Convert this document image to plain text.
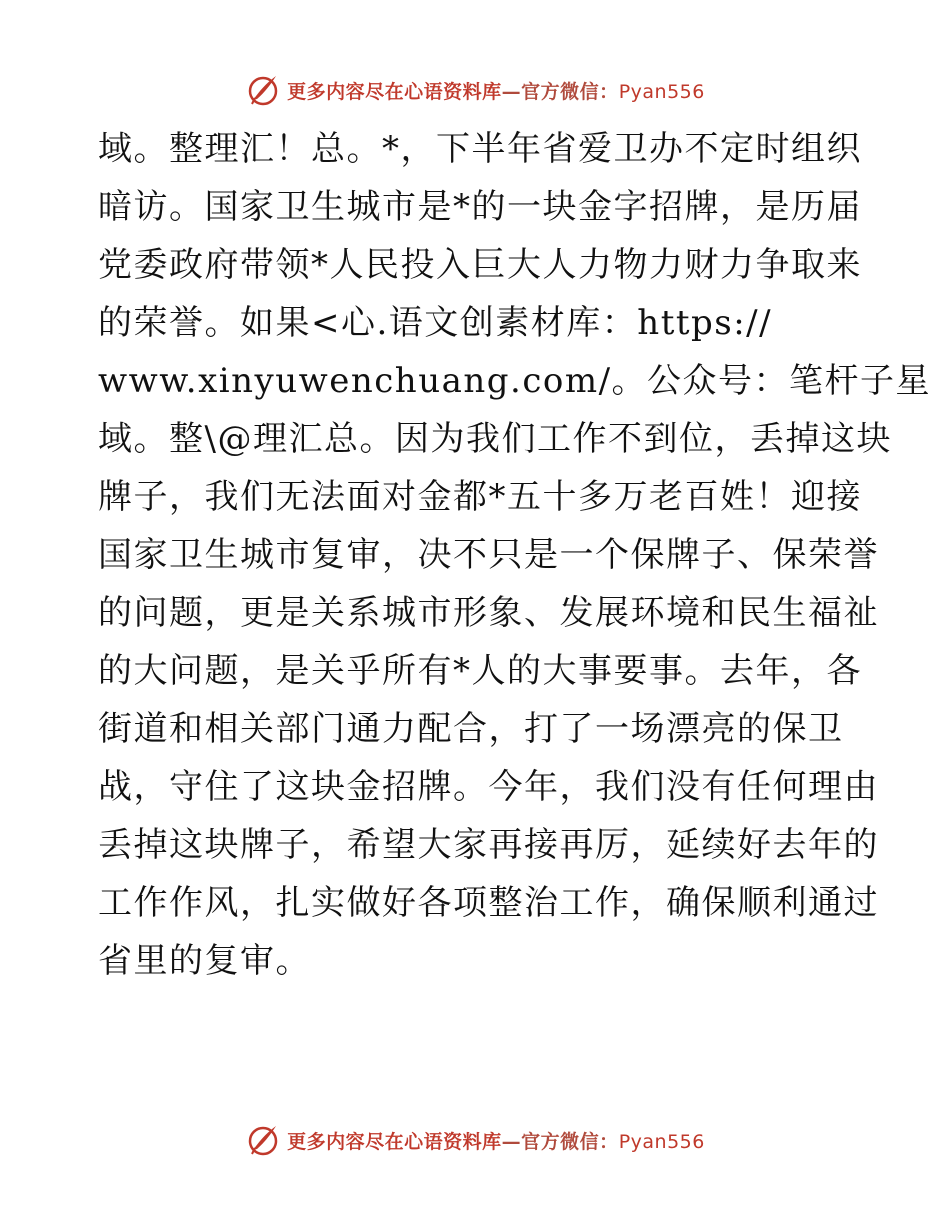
更多内容尽在心语资料库—官方微信：Pyan556
域。整理汇！总。*，下半年省爱卫办不定时组织
暗访。国家卫生城市是*的一块金字招牌，是历届
党委政府带领*人民投入巨大人力物力财力争取来
的荣誉。如果<心.语文创素材库：https://
www.xinyuwenchuang.com/。公众号：笔杆子星
域。整\@理汇总。因为我们工作不到位，丢掉这块
牌子，我们无法面对金都*五十多万老百姓！迎接
国家卫生城市复审，决不只是一个保牌子、保荣誉
的问题，更是关系城市形象、发展环境和民生福祉
的大问题，是关乎所有*人的大事要事。去年，各
街道和相关部门通力配合，打了一场漂亮的保卫
战，守住了这块金招牌。今年，我们没有任何理由
丢掉这块牌子，希望大家再接再厉，延续好去年的
工作作风，扎实做好各项整治工作，确保顺利通过
省里的复审。
更多内容尽在心语资料库—官方微信：Pyan556
